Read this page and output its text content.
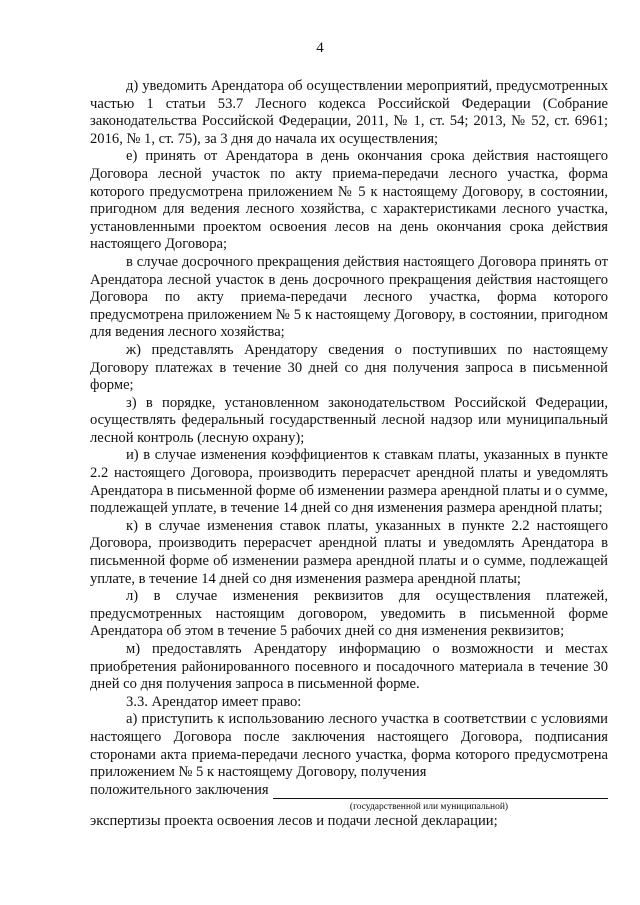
4

д) уведомить Арендатора об осуществлении мероприятий, предусмотренных частью 1 статьи 53.7 Лесного кодекса Российской Федерации (Собрание законодательства Российской Федерации, 2011, № 1, ст. 54; 2013, № 52, ст. 6961; 2016, № 1, ст. 75), за 3 дня до начала их осуществления;

е) принять от Арендатора в день окончания срока действия настоящего Договора лесной участок по акту приема-передачи лесного участка, форма которого предусмотрена приложением № 5 к настоящему Договору, в состоянии, пригодном для ведения лесного хозяйства, с характеристиками лесного участка, установленными проектом освоения лесов на день окончания срока действия настоящего Договора;

в случае досрочного прекращения действия настоящего Договора принять от Арендатора лесной участок в день досрочного прекращения действия настоящего Договора по акту приема-передачи лесного участка, форма которого предусмотрена приложением № 5 к настоящему Договору, в состоянии, пригодном для ведения лесного хозяйства;

ж) представлять Арендатору сведения о поступивших по настоящему Договору платежах в течение 30 дней со дня получения запроса в письменной форме;

з) в порядке, установленном законодательством Российской Федерации, осуществлять федеральный государственный лесной надзор или муниципальный лесной контроль (лесную охрану);

и) в случае изменения коэффициентов к ставкам платы, указанных в пункте 2.2 настоящего Договора, производить перерасчет арендной платы и уведомлять Арендатора в письменной форме об изменении размера арендной платы и о сумме, подлежащей уплате, в течение 14 дней со дня изменения размера арендной платы;

к) в случае изменения ставок платы, указанных в пункте 2.2 настоящего Договора, производить перерасчет арендной платы и уведомлять Арендатора в письменной форме об изменении размера арендной платы и о сумме, подлежащей уплате, в течение 14 дней со дня изменения размера арендной платы;

л) в случае изменения реквизитов для осуществления платежей, предусмотренных настоящим договором, уведомить в письменной форме Арендатора об этом в течение 5 рабочих дней со дня изменения реквизитов;

м) предоставлять Арендатору информацию о возможности и местах приобретения районированного посевного и посадочного материала в течение 30 дней со дня получения запроса в письменной форме.

3.3. Арендатор имеет право:

а) приступить к использованию лесного участка в соответствии с условиями настоящего Договора после заключения настоящего Договора, подписания сторонами акта приема-передачи лесного участка, форма которого предусмотрена приложением № 5 к настоящему Договору, получения

положительного заключения
(государственной или муниципальной)

экспертизы проекта освоения лесов и подачи лесной декларации;
